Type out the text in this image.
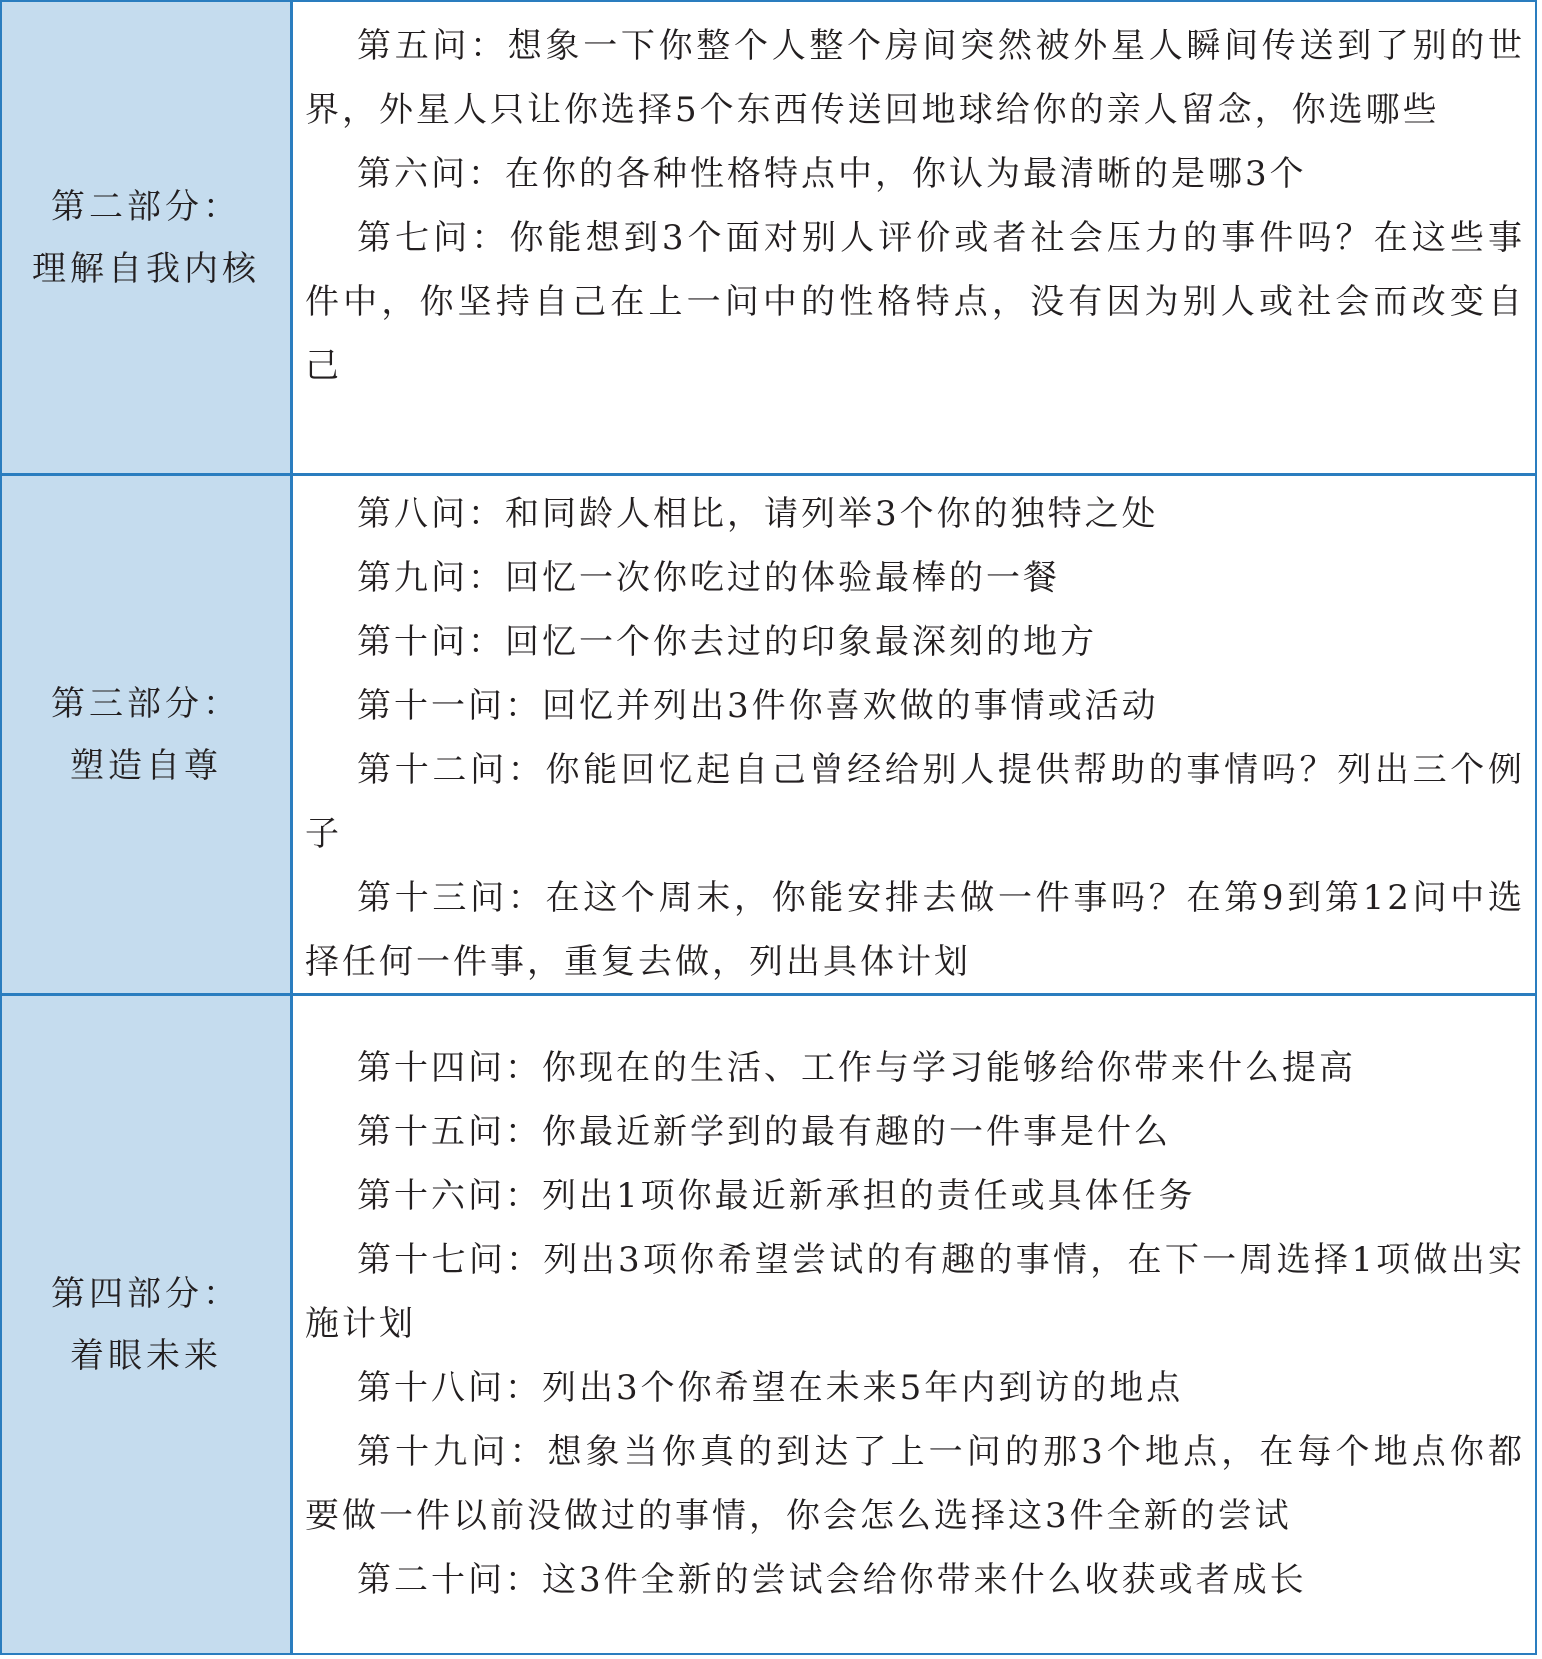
第二部分：
理解自我内核

第五问：想象一下你整个人整个房间突然被外星人瞬间传送到了别的世界，外星人只让你选择5个东西传送回地球给你的亲人留念，你选哪些

第六问：在你的各种性格特点中，你认为最清晰的是哪3个

第七问：你能想到3个面对别人评价或者社会压力的事件吗？在这些事件中，你坚持自己在上一问中的性格特点，没有因为别人或社会而改变自己

第三部分：
塑造自尊

第八问：和同龄人相比，请列举3个你的独特之处

第九问：回忆一次你吃过的体验最棒的一餐

第十问：回忆一个你去过的印象最深刻的地方

第十一问：回忆并列出3件你喜欢做的事情或活动

第十二问：你能回忆起自己曾经给别人提供帮助的事情吗？列出三个例子

第十三问：在这个周末，你能安排去做一件事吗？在第9到第12问中选择任何一件事，重复去做，列出具体计划

第四部分：
着眼未来

第十四问：你现在的生活、工作与学习能够给你带来什么提高

第十五问：你最近新学到的最有趣的一件事是什么

第十六问：列出1项你最近新承担的责任或具体任务

第十七问：列出3项你希望尝试的有趣的事情，在下一周选择1项做出实施计划

第十八问：列出3个你希望在未来5年内到访的地点

第十九问：想象当你真的到达了上一问的那3个地点，在每个地点你都要做一件以前没做过的事情，你会怎么选择这3件全新的尝试

第二十问：这3件全新的尝试会给你带来什么收获或者成长
